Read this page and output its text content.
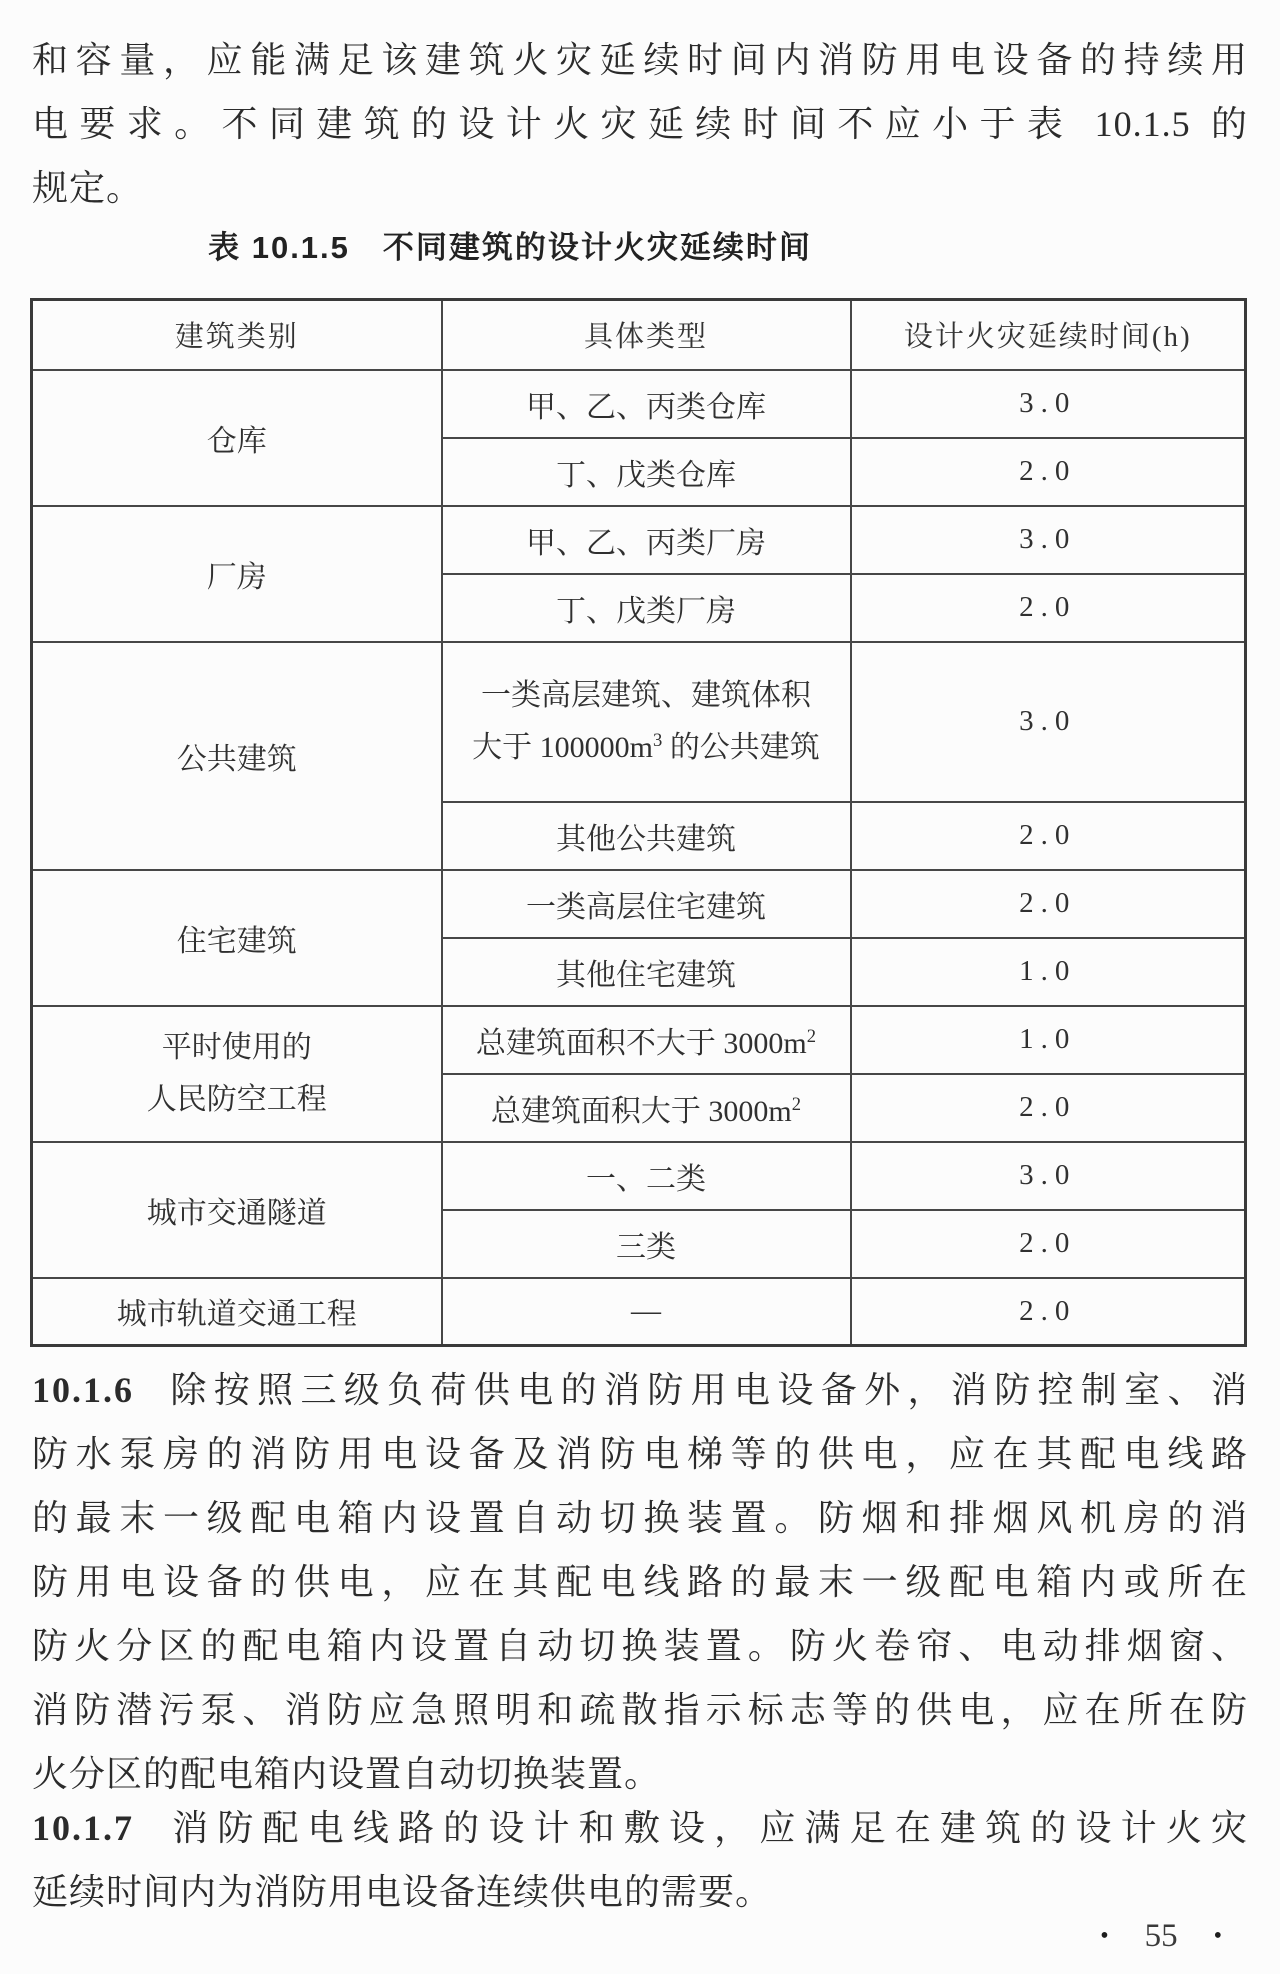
和容量，应能满足该建筑火灾延续时间内消防用电设备的持续用
电要求。不同建筑的设计火灾延续时间不应小于表 10.1.5 的
规定。
表 10.1.5　不同建筑的设计火灾延续时间
建筑类别	具体类型	设计火灾延续时间(h)
仓库	甲、乙、丙类仓库	3.0
	丁、戊类仓库	2.0
厂房	甲、乙、丙类厂房	3.0
	丁、戊类厂房	2.0
公共建筑	一类高层建筑、建筑体积
大于 $100000m^3$ 的公共建筑	3.0
	其他公共建筑	2.0
住宅建筑	一类高层住宅建筑	2.0
	其他住宅建筑	1.0

平时使用的
人民防空工程	总建筑面积不大于 $3000m^2$	1.0
	总建筑面积大于 $3000m^2$	2.0
城市交通隧道	一、二类	3.0
	三类	2.0
城市轨道交通工程	—	2.0
10.1.6 除按照三级负荷供电的消防用电设备外，消防控制室、消
防水泵房的消防用电设备及消防电梯等的供电，应在其配电线路
的最末一级配电箱内设置自动切换装置。防烟和排烟风机房的消
防用电设备的供电，应在其配电线路的最末一级配电箱内或所在
防火分区的配电箱内设置自动切换装置。防火卷帘、电动排烟窗、
消防潜污泵、消防应急照明和疏散指示标志等的供电，应在所在防
火分区的配电箱内设置自动切换装置。
10.1.7 消防配电线路的设计和敷设，应满足在建筑的设计火灾
延续时间内为消防用电设备连续供电的需要。
• 55 •
